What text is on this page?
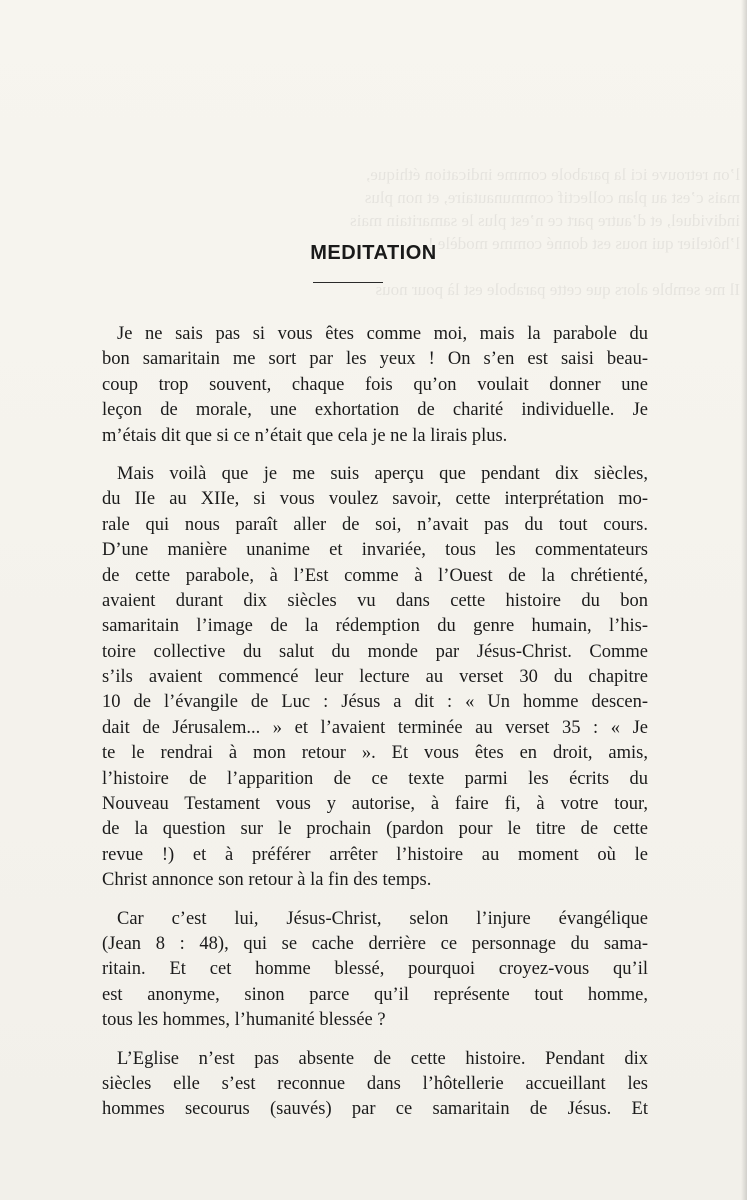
l’on retrouve ici la parabole comme indication éthique,
mais c’est au plan collectif communautaire, et non plus
individuel, et d’autre part ce n’est plus le samaritain mais
l’hôtelier qui nous est donné comme modèle !

Il me semble alors que cette parabole est là pour nous
MEDITATION

Je ne sais pas si vous êtes comme moi, mais la parabole du
bon samaritain me sort par les yeux ! On s’en est saisi beau-
coup trop souvent, chaque fois qu’on voulait donner une
leçon de morale, une exhortation de charité individuelle. Je
m’étais dit que si ce n’était que cela je ne la lirais plus.

Mais voilà que je me suis aperçu que pendant dix siècles,
du IIe au XIIe, si vous voulez savoir, cette interprétation mo-
rale qui nous paraît aller de soi, n’avait pas du tout cours.
D’une manière unanime et invariée, tous les commentateurs
de cette parabole, à l’Est comme à l’Ouest de la chrétienté,
avaient durant dix siècles vu dans cette histoire du bon
samaritain l’image de la rédemption du genre humain, l’his-
toire collective du salut du monde par Jésus-Christ. Comme
s’ils avaient commencé leur lecture au verset 30 du chapitre
10 de l’évangile de Luc : Jésus a dit : « Un homme descen-
dait de Jérusalem... » et l’avaient terminée au verset 35 : « Je
te le rendrai à mon retour ». Et vous êtes en droit, amis,
l’histoire de l’apparition de ce texte parmi les écrits du
Nouveau Testament vous y autorise, à faire fi, à votre tour,
de la question sur le prochain (pardon pour le titre de cette
revue !) et à préférer arrêter l’histoire au moment où le
Christ annonce son retour à la fin des temps.

Car c’est lui, Jésus-Christ, selon l’injure évangélique
(Jean 8 : 48), qui se cache derrière ce personnage du sama-
ritain. Et cet homme blessé, pourquoi croyez-vous qu’il
est anonyme, sinon parce qu’il représente tout homme,
tous les hommes, l’humanité blessée ?

L’Eglise n’est pas absente de cette histoire. Pendant dix
siècles elle s’est reconnue dans l’hôtellerie accueillant les
hommes secourus (sauvés) par ce samaritain de Jésus. Et
